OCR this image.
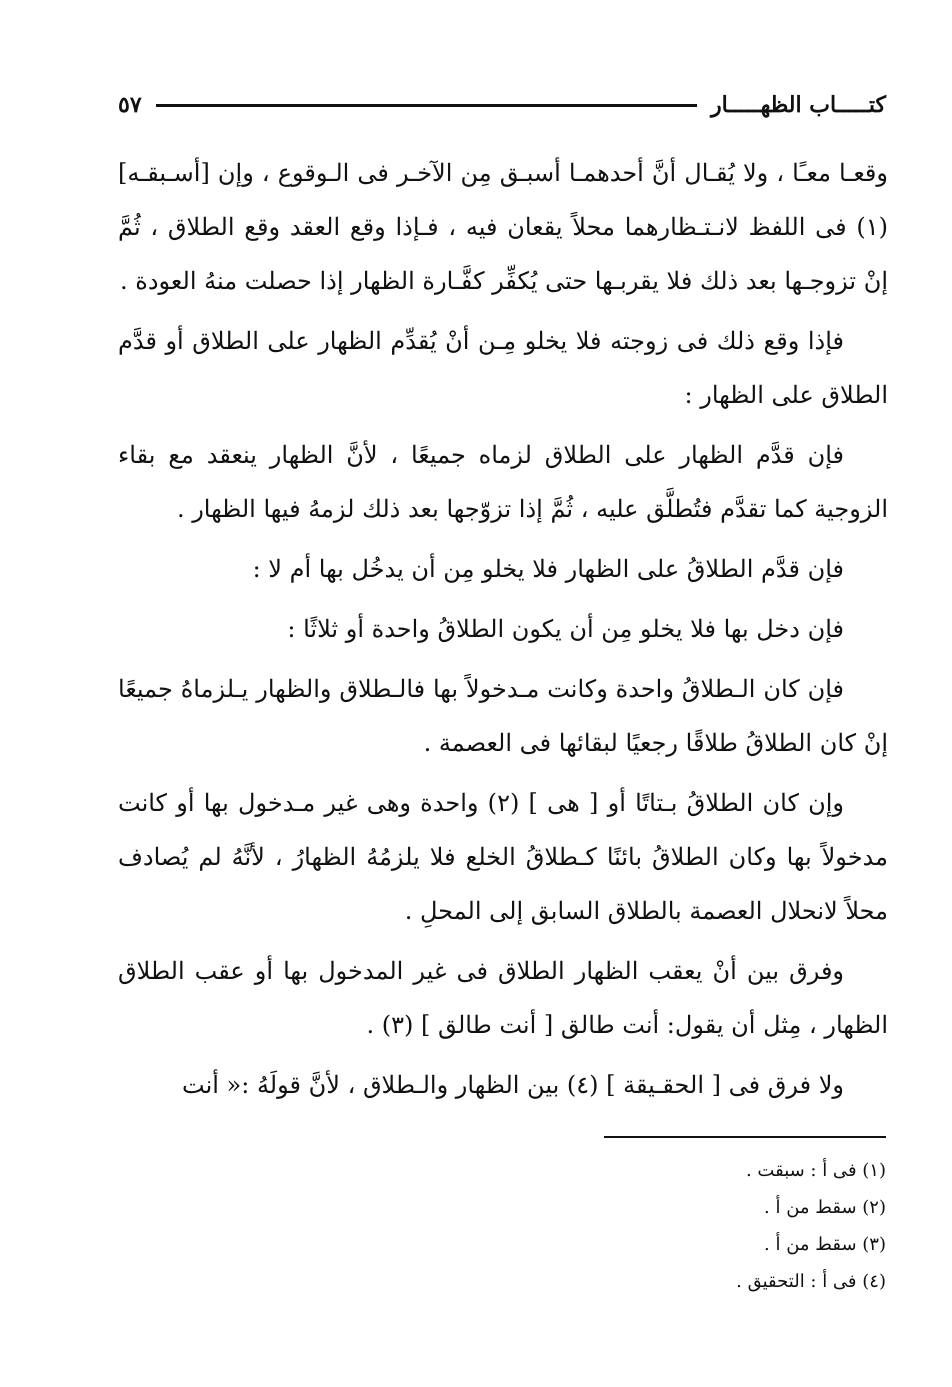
كتـــــاب الظهـــــار
٥٧

وقعـا معـًا ، ولا يُقـال أنَّ أحدهمـا أسبـق مِن الآخـر فى الـوقوع ، وإن [أسـبقـه](١) فى اللفظ لانـتـظارهما محلاً يقعان فيه ، فـإذا وقع العقد وقع الطلاق ، ثُمَّ إنْ تزوجـها بعد ذلك فلا يقربـها حتى يُكفِّر كفَّـارة الظهار إذا حصلت منهُ العودة .

فإذا وقع ذلك فى زوجته فلا يخلو مِـن أنْ يُقدِّم الظهار على الطلاق أو قدَّم الطلاق على الظهار :

فإن قدَّم الظهار على الطلاق لزماه جميعًا ، لأنَّ الظهار ينعقد مع بقاء الزوجية كما تقدَّم فتُطلَّق عليه ، ثُمَّ إذا تزوّجها بعد ذلك لزمهُ فيها الظهار .

فإن قدَّم الطلاقُ على الظهار فلا يخلو مِن أن يدخُل بها أم لا :

فإن دخل بها فلا يخلو مِن أن يكون الطلاقُ واحدة أو ثلاثًا :

فإن كان الـطلاقُ واحدة وكانت مـدخولاً بها فالـطلاق والظهار يـلزماهُ جميعًا إنْ كان الطلاقُ طلاقًا رجعيًا لبقائها فى العصمة .

وإن كان الطلاقُ بـتاتًا أو [ هى ] (٢) واحدة وهى غير مـدخول بها أو كانت مدخولاً بها وكان الطلاقُ بائنًا كـطلاقُ الخلع فلا يلزمُهُ الظهارُ ، لأنَّهُ لم يُصادف محلاً لانحلال العصمة بالطلاق السابق إلى المحلِ .

وفرق بين أنْ يعقب الظهار الطلاق فى غير المدخول بها أو عقب الطلاق الظهار ، مِثل أن يقول: أنت طالق [ أنت طالق ] (٣) .

ولا فرق فى [ الحقـيقة ] (٤) بين الظهار والـطلاق ، لأنَّ قولَهُ :« أنت

(١) فى أ : سبقت .
(٢) سقط من أ .
(٣) سقط من أ .
(٤) فى أ : التحقيق .
